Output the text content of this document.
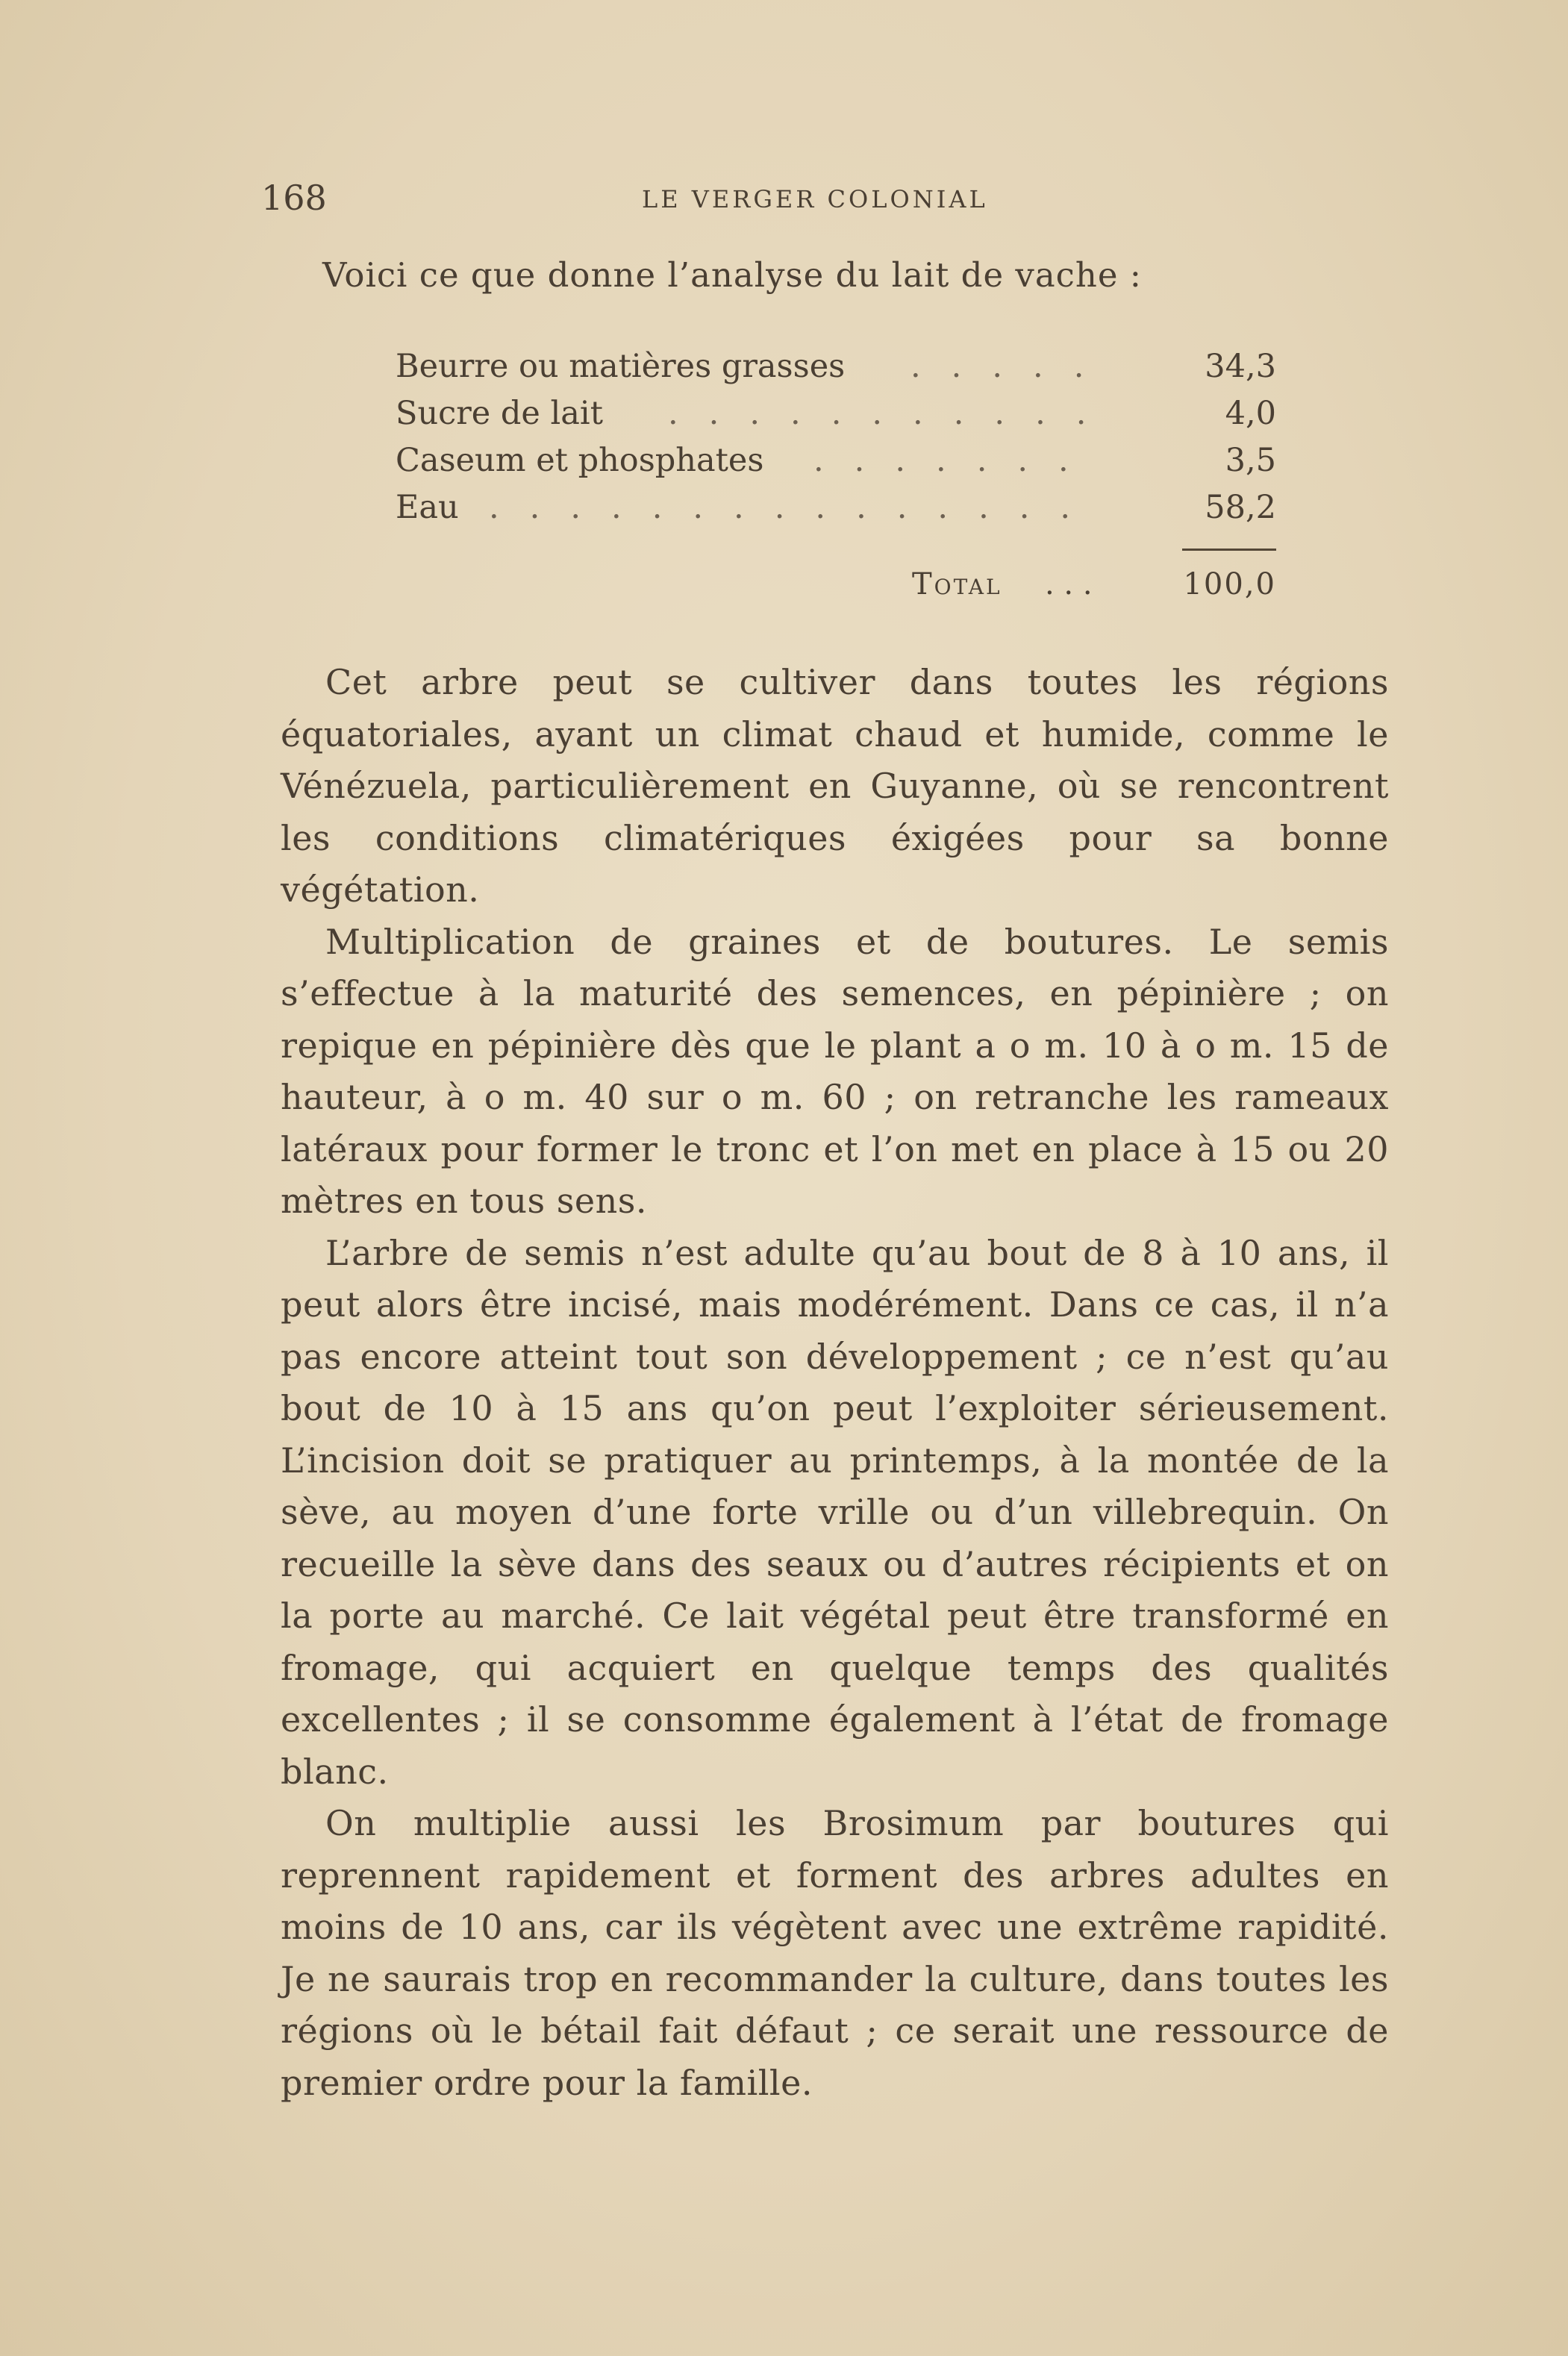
168	LE VERGER COLONIAL
Voici ce que donne l’analyse du lait de vache :
Beurre ou matières grasses .   .   .   .   .	34,3
Sucre de lait .   .   .   .   .   .   .   .   .   .   .	4,0
Caseum et phosphates .   .   .   .   .   .   .	3,5
Eau .   .   .   .   .   .   .   .   .   .   .   .   .   .   .	58,2
Total . . .	100,0

Cet arbre peut se cultiver dans toutes les régions équatoriales, ayant un climat chaud et humide, comme le Vénézuela, particulièrement en Guyanne, où se rencontrent les conditions climatériques éxigées pour sa bonne végétation.

Multiplication de graines et de boutures. Le semis s’effectue à la maturité des semences, en pépinière ; on repique en pépinière dès que le plant a o m. 10 à o m. 15 de hauteur, à o m. 40 sur o m. 60 ; on retranche les rameaux latéraux pour former le tronc et l’on met en place à 15 ou 20 mètres en tous sens.

L’arbre de semis n’est adulte qu’au bout de 8 à 10 ans, il peut alors être incisé, mais modérément. Dans ce cas, il n’a pas encore atteint tout son développement ; ce n’est qu’au bout de 10 à 15 ans qu’on peut l’exploiter sérieusement. L’incision doit se pratiquer au printemps, à la montée de la sève, au moyen d’une forte vrille ou d’un villebrequin. On recueille la sève dans des seaux ou d’autres récipients et on la porte au marché. Ce lait végétal peut être transformé en fromage, qui acquiert en quelque temps des qualités excellentes ; il se consomme également à l’état de fromage blanc.

On multiplie aussi les Brosimum par boutures qui reprennent rapidement et forment des arbres adultes en moins de 10 ans, car ils végètent avec une extrême rapidité. Je ne saurais trop en recommander la culture, dans toutes les régions où le bétail fait défaut ; ce serait une ressource de premier ordre pour la famille.
